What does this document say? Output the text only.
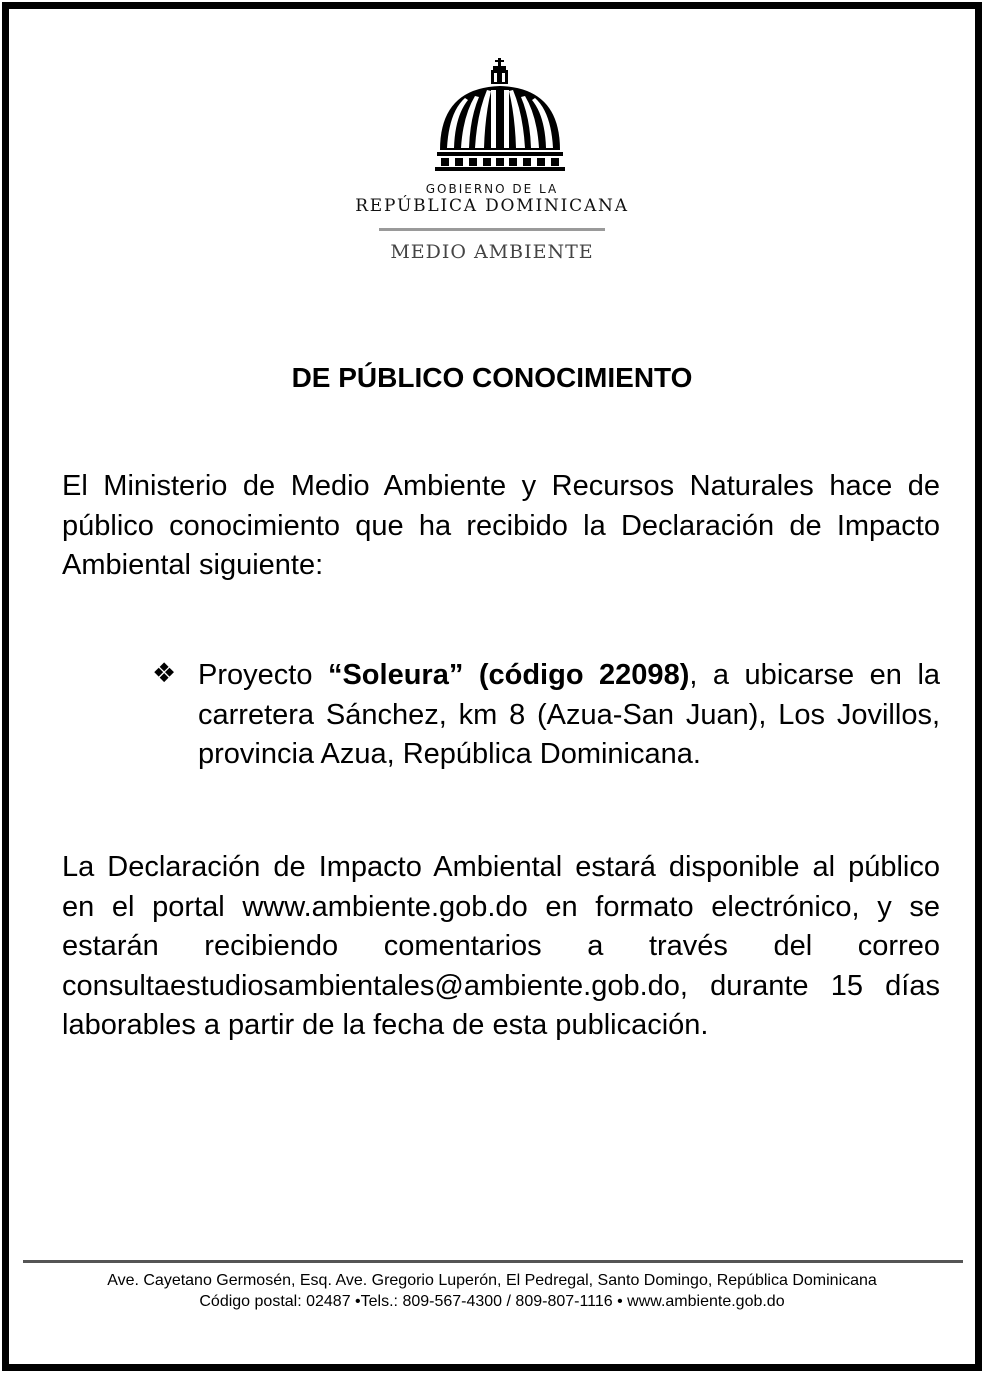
GOBIERNO DE LA
REPÚBLICA DOMINICANA
MEDIO AMBIENTE
DE PÚBLICO CONOCIMIENTO
El Ministerio de Medio Ambiente y Recursos Naturales hace de público conocimiento que ha recibido la Declaración de Impacto Ambiental siguiente:
❖ Proyecto “Soleura” (código 22098), a ubicarse en la carretera Sánchez, km 8 (Azua-San Juan), Los Jovillos, provincia Azua, República Dominicana.
La Declaración de Impacto Ambiental estará disponible al público en el portal www.ambiente.gob.do en formato electrónico, y se estarán recibiendo comentarios a través del correo consultaestudiosambientales@ambiente.gob.do, durante 15 días laborables a partir de la fecha de esta publicación.
Ave. Cayetano Germosén, Esq. Ave. Gregorio Luperón, El Pedregal, Santo Domingo, República Dominicana
Código postal: 02487 •Tels.: 809-567-4300 / 809-807-1116 • www.ambiente.gob.do
